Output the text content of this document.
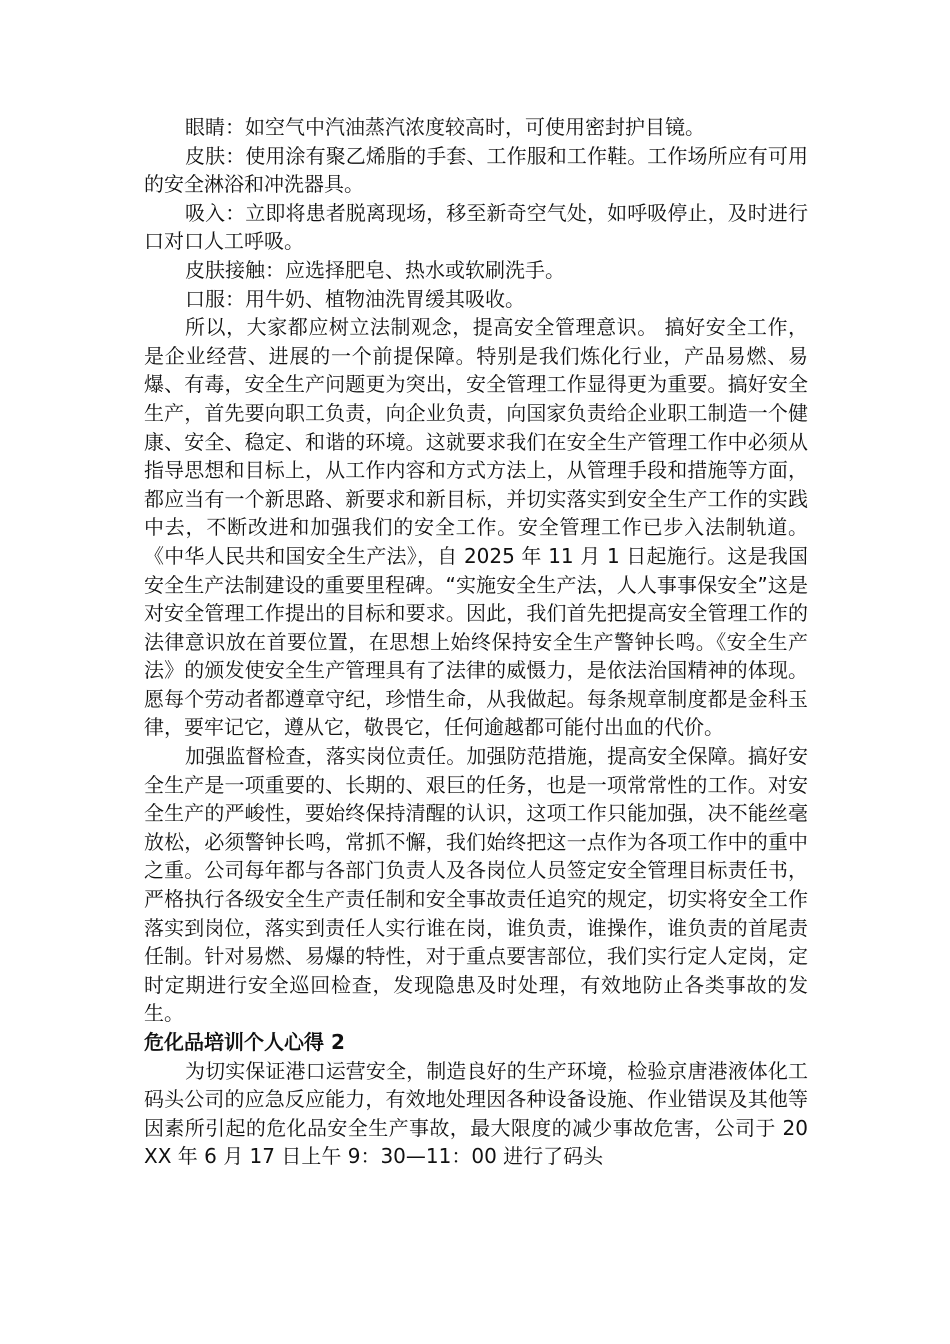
眼睛：如空气中汽油蒸汽浓度较高时，可使用密封护目镜。

皮肤：使用涂有聚乙烯脂的手套、工作服和工作鞋。工作场所应有可用的安全淋浴和冲洗器具。

吸入：立即将患者脱离现场，移至新奇空气处，如呼吸停止，及时进行口对口人工呼吸。

皮肤接触：应选择肥皂、热水或软刷洗手。

口服：用牛奶、植物油洗胃缓其吸收。

所以，大家都应树立法制观念，提高安全管理意识。 搞好安全工作，是企业经营、进展的一个前提保障。特别是我们炼化行业，产品易燃、易爆、有毒，安全生产问题更为突出，安全管理工作显得更为重要。搞好安全生产，首先要向职工负责，向企业负责，向国家负责给企业职工制造一个健康、安全、稳定、和谐的环境。这就要求我们在安全生产管理工作中必须从指导思想和目标上，从工作内容和方式方法上，从管理手段和措施等方面，都应当有一个新思路、新要求和新目标，并切实落实到安全生产工作的实践中去，不断改进和加强我们的安全工作。安全管理工作已步入法制轨道。《中华人民共和国安全生产法》，自 2025 年 11 月 1 日起施行。这是我国安全生产法制建设的重要里程碑。“实施安全生产法，人人事事保安全”这是对安全管理工作提出的目标和要求。因此，我们首先把提高安全管理工作的法律意识放在首要位置，在思想上始终保持安全生产警钟长鸣。《安全生产法》的颁发使安全生产管理具有了法律的威慑力，是依法治国精神的体现。愿每个劳动者都遵章守纪，珍惜生命，从我做起。每条规章制度都是金科玉律，要牢记它，遵从它，敬畏它，任何逾越都可能付出血的代价。

加强监督检查，落实岗位责任。加强防范措施，提高安全保障。搞好安全生产是一项重要的、长期的、艰巨的任务，也是一项常常性的工作。对安全生产的严峻性，要始终保持清醒的认识，这项工作只能加强，决不能丝毫放松，必须警钟长鸣，常抓不懈，我们始终把这一点作为各项工作中的重中之重。公司每年都与各部门负责人及各岗位人员签定安全管理目标责任书，严格执行各级安全生产责任制和安全事故责任追究的规定，切实将安全工作落实到岗位，落实到责任人实行谁在岗，谁负责，谁操作，谁负责的首尾责任制。针对易燃、易爆的特性，对于重点要害部位，我们实行定人定岗，定时定期进行安全巡回检查，发现隐患及时处理，有效地防止各类事故的发生。

危化品培训个人心得 2

为切实保证港口运营安全，制造良好的生产环境，检验京唐港液体化工码头公司的应急反应能力，有效地处理因各种设备设施、作业错误及其他等因素所引起的危化品安全生产事故，最大限度的减少事故危害，公司于 20XX 年 6 月 17 日上午 9：30—11：00 进行了码头
